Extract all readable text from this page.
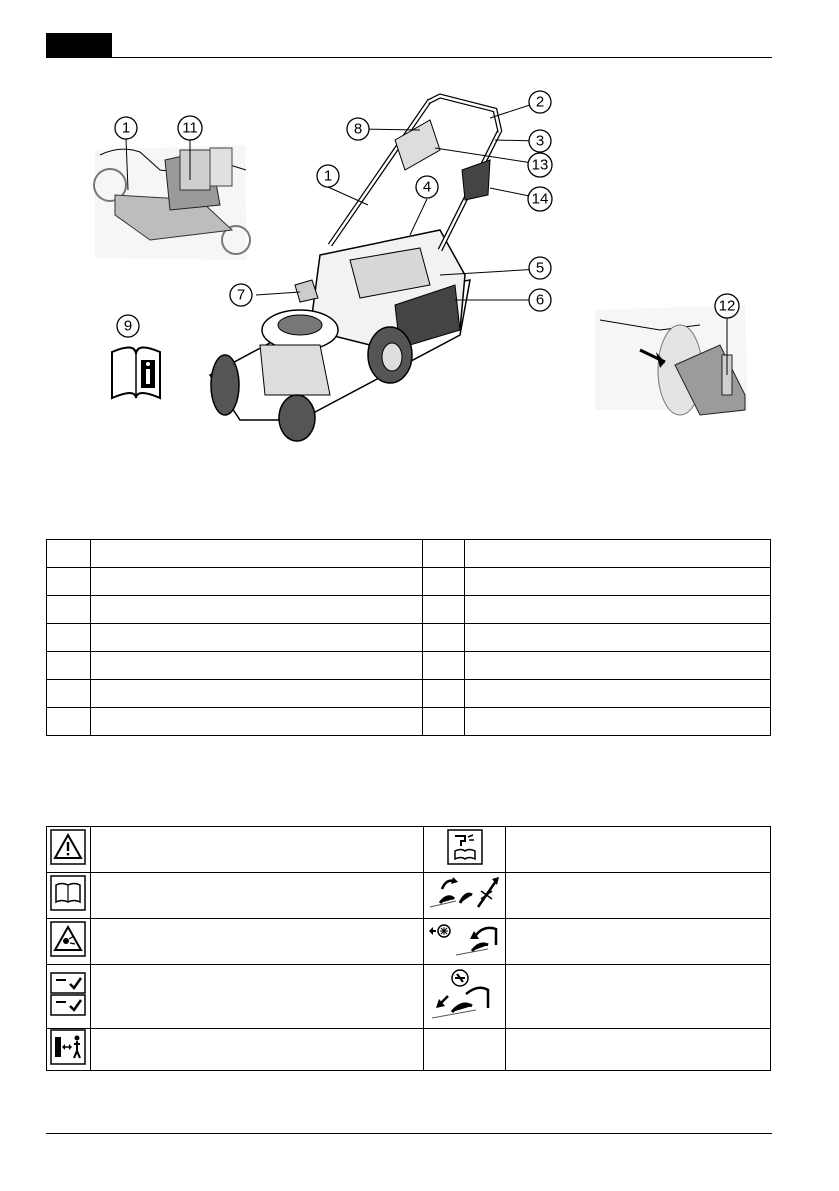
1	11	8
1
2
3
13
14
4
5
6
7
9
12
